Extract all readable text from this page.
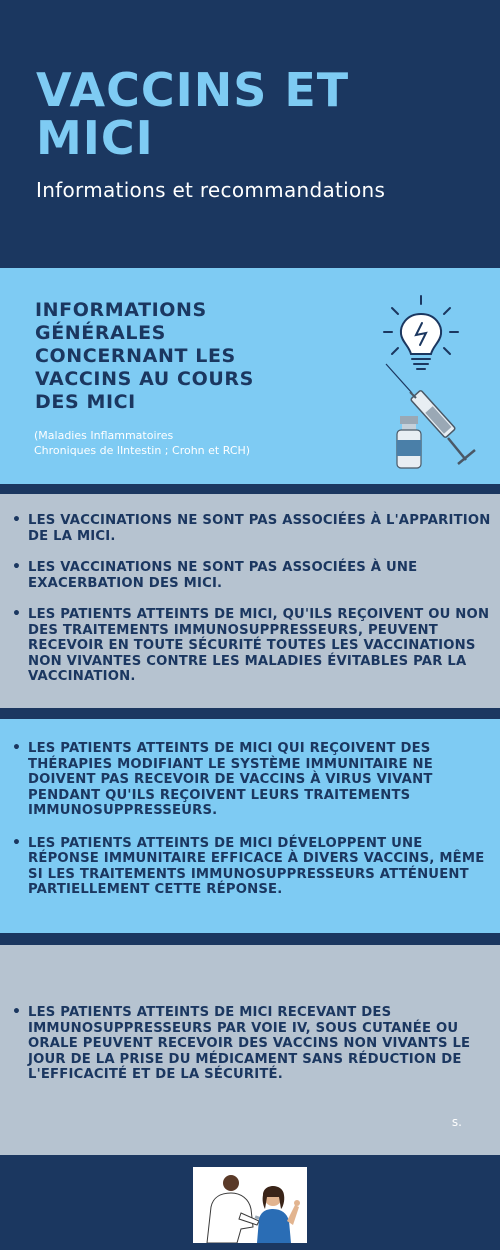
VACCINS ET MICI
Informations et recommandations
INFORMATIONS GÉNÉRALES CONCERNANT LES VACCINS AU COURS DES MICI
(Maladies Inflammatoires
Chroniques de lIntestin ; Crohn et RCH)
• LES VACCINATIONS NE SONT PAS ASSOCIÉES À L'APPARITION DE LA MICI.
• LES VACCINATIONS NE SONT PAS ASSOCIÉES À UNE EXACERBATION DES MICI.
• LES PATIENTS ATTEINTS DE MICI, QU'ILS REÇOIVENT OU NON DES TRAITEMENTS IMMUNOSUPPRESSEURS, PEUVENT RECEVOIR EN TOUTE SÉCURITÉ TOUTES LES VACCINATIONS NON VIVANTES CONTRE LES MALADIES ÉVITABLES PAR LA VACCINATION.
• LES PATIENTS ATTEINTS DE MICI QUI REÇOIVENT DES THÉRAPIES MODIFIANT LE SYSTÈME IMMUNITAIRE NE DOIVENT PAS RECEVOIR DE VACCINS À VIRUS VIVANT PENDANT QU'ILS REÇOIVENT LEURS TRAITEMENTS IMMUNOSUPPRESSEURS.
• LES PATIENTS ATTEINTS DE MICI DÉVELOPPENT UNE RÉPONSE IMMUNITAIRE EFFICACE À DIVERS VACCINS, MÊME SI LES TRAITEMENTS IMMUNOSUPPRESSEURS ATTÉNUENT PARTIELLEMENT CETTE RÉPONSE.
• LES PATIENTS ATTEINTS DE MICI RECEVANT DES IMMUNOSUPPRESSEURS PAR VOIE IV, SOUS CUTANÉE OU ORALE PEUVENT RECEVOIR DES VACCINS NON VIVANTS LE JOUR DE LA PRISE DU MÉDICAMENT SANS RÉDUCTION DE L'EFFICACITÉ ET DE LA SÉCURITÉ.
s.
